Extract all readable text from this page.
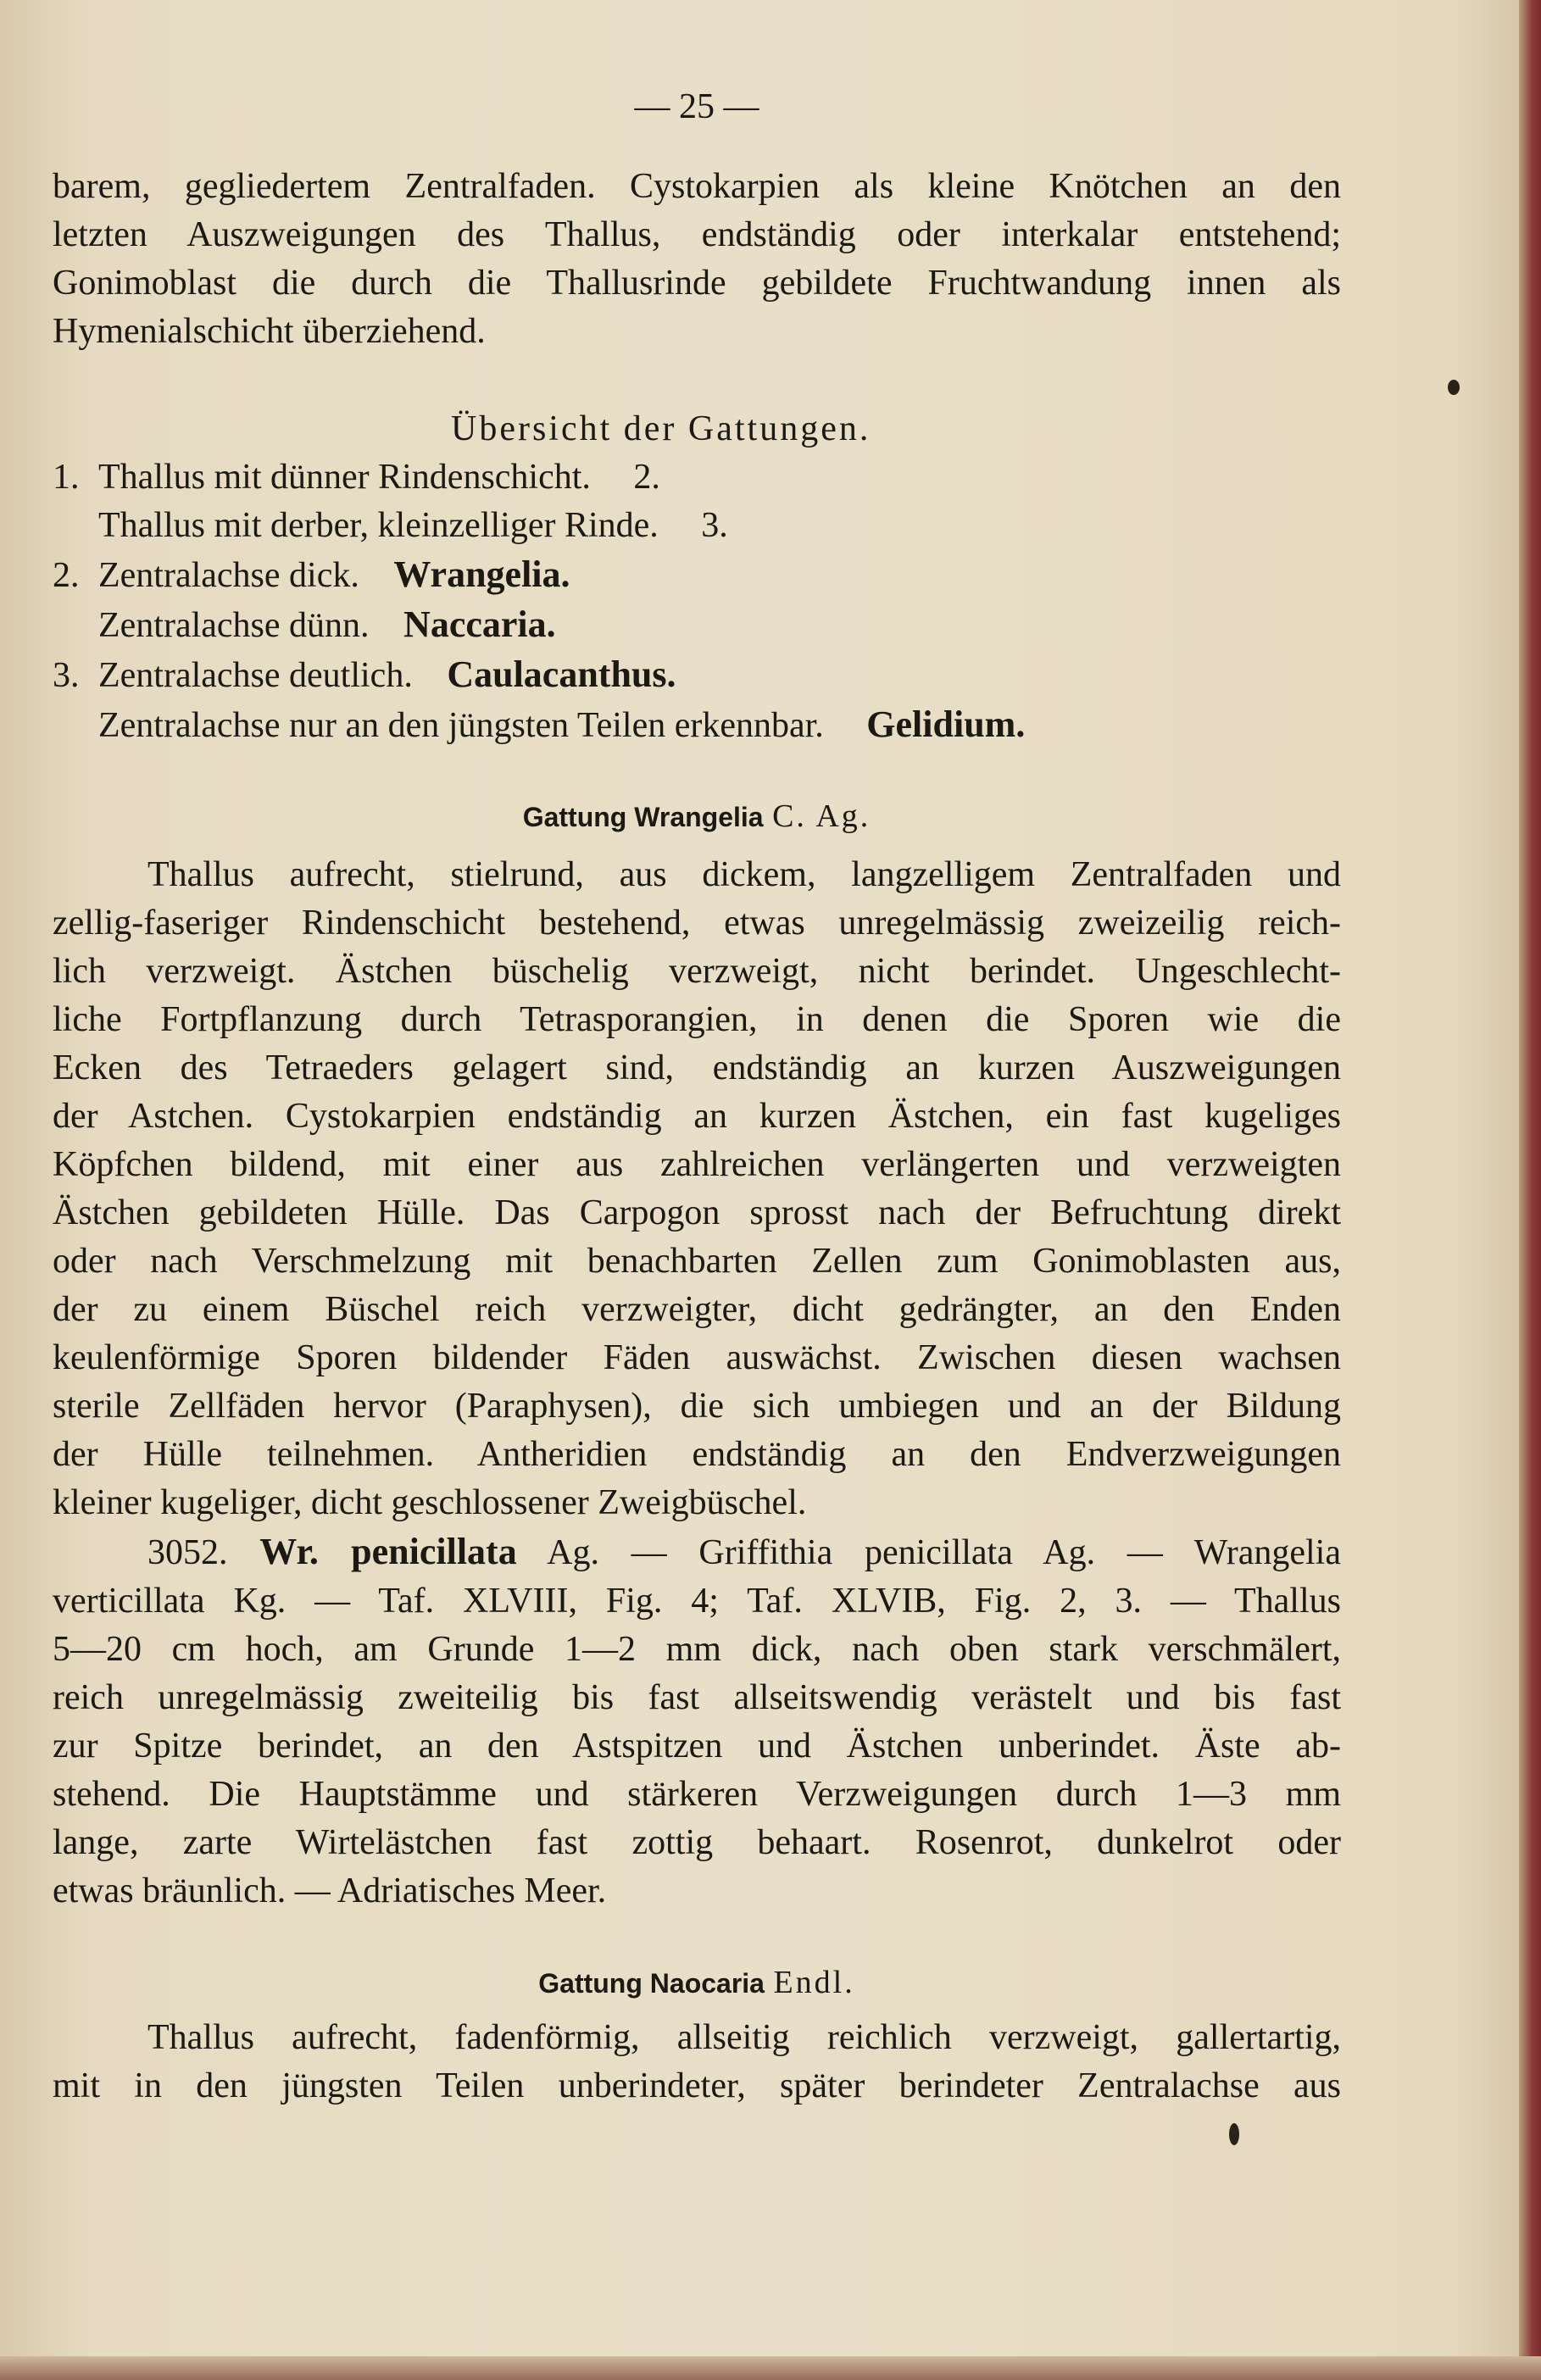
— 25 —
barem, gegliedertem Zentralfaden. Cystokarpien als kleine Knötchen an den
letzten Auszweigungen des Thallus, endständig oder interkalar entstehend;
Gonimoblast die durch die Thallusrinde gebildete Fruchtwandung innen als
Hymenialschicht überziehend.
Übersicht der Gattungen.
1. Thallus mit dünner Rindenschicht. 2.
Thallus mit derber, kleinzelliger Rinde. 3.
2. Zentralachse dick. Wrangelia.
Zentralachse dünn. Naccaria.
3. Zentralachse deutlich. Caulacanthus.
Zentralachse nur an den jüngsten Teilen erkennbar. Gelidium.
Gattung Wrangelia C. Ag.
Thallus aufrecht, stielrund, aus dickem, langzelligem Zentralfaden und
zellig-faseriger Rindenschicht bestehend, etwas unregelmässig zweizeilig reich-
lich verzweigt. Ästchen büschelig verzweigt, nicht berindet. Ungeschlecht-
liche Fortpflanzung durch Tetrasporangien, in denen die Sporen wie die
Ecken des Tetraeders gelagert sind, endständig an kurzen Auszweigungen
der Astchen. Cystokarpien endständig an kurzen Ästchen, ein fast kugeliges
Köpfchen bildend, mit einer aus zahlreichen verlängerten und verzweigten
Ästchen gebildeten Hülle. Das Carpogon sprosst nach der Befruchtung direkt
oder nach Verschmelzung mit benachbarten Zellen zum Gonimoblasten aus,
der zu einem Büschel reich verzweigter, dicht gedrängter, an den Enden
keulenförmige Sporen bildender Fäden auswächst. Zwischen diesen wachsen
sterile Zellfäden hervor (Paraphysen), die sich umbiegen und an der Bildung
der Hülle teilnehmen. Antheridien endständig an den Endverzweigungen
kleiner kugeliger, dicht geschlossener Zweigbüschel.
3052. Wr. penicillata Ag. — Griffithia penicillata Ag. — Wrangelia
verticillata Kg. — Taf. XLVIII, Fig. 4; Taf. XLVIB, Fig. 2, 3. — Thallus
5—20 cm hoch, am Grunde 1—2 mm dick, nach oben stark verschmälert,
reich unregelmässig zweiteilig bis fast allseitswendig verästelt und bis fast
zur Spitze berindet, an den Astspitzen und Ästchen unberindet. Äste ab-
stehend. Die Hauptstämme und stärkeren Verzweigungen durch 1—3 mm
lange, zarte Wirtelästchen fast zottig behaart. Rosenrot, dunkelrot oder
etwas bräunlich. — Adriatisches Meer.
Gattung Naocaria Endl.
Thallus aufrecht, fadenförmig, allseitig reichlich verzweigt, gallertartig,
mit in den jüngsten Teilen unberindeter, später berindeter Zentralachse aus
